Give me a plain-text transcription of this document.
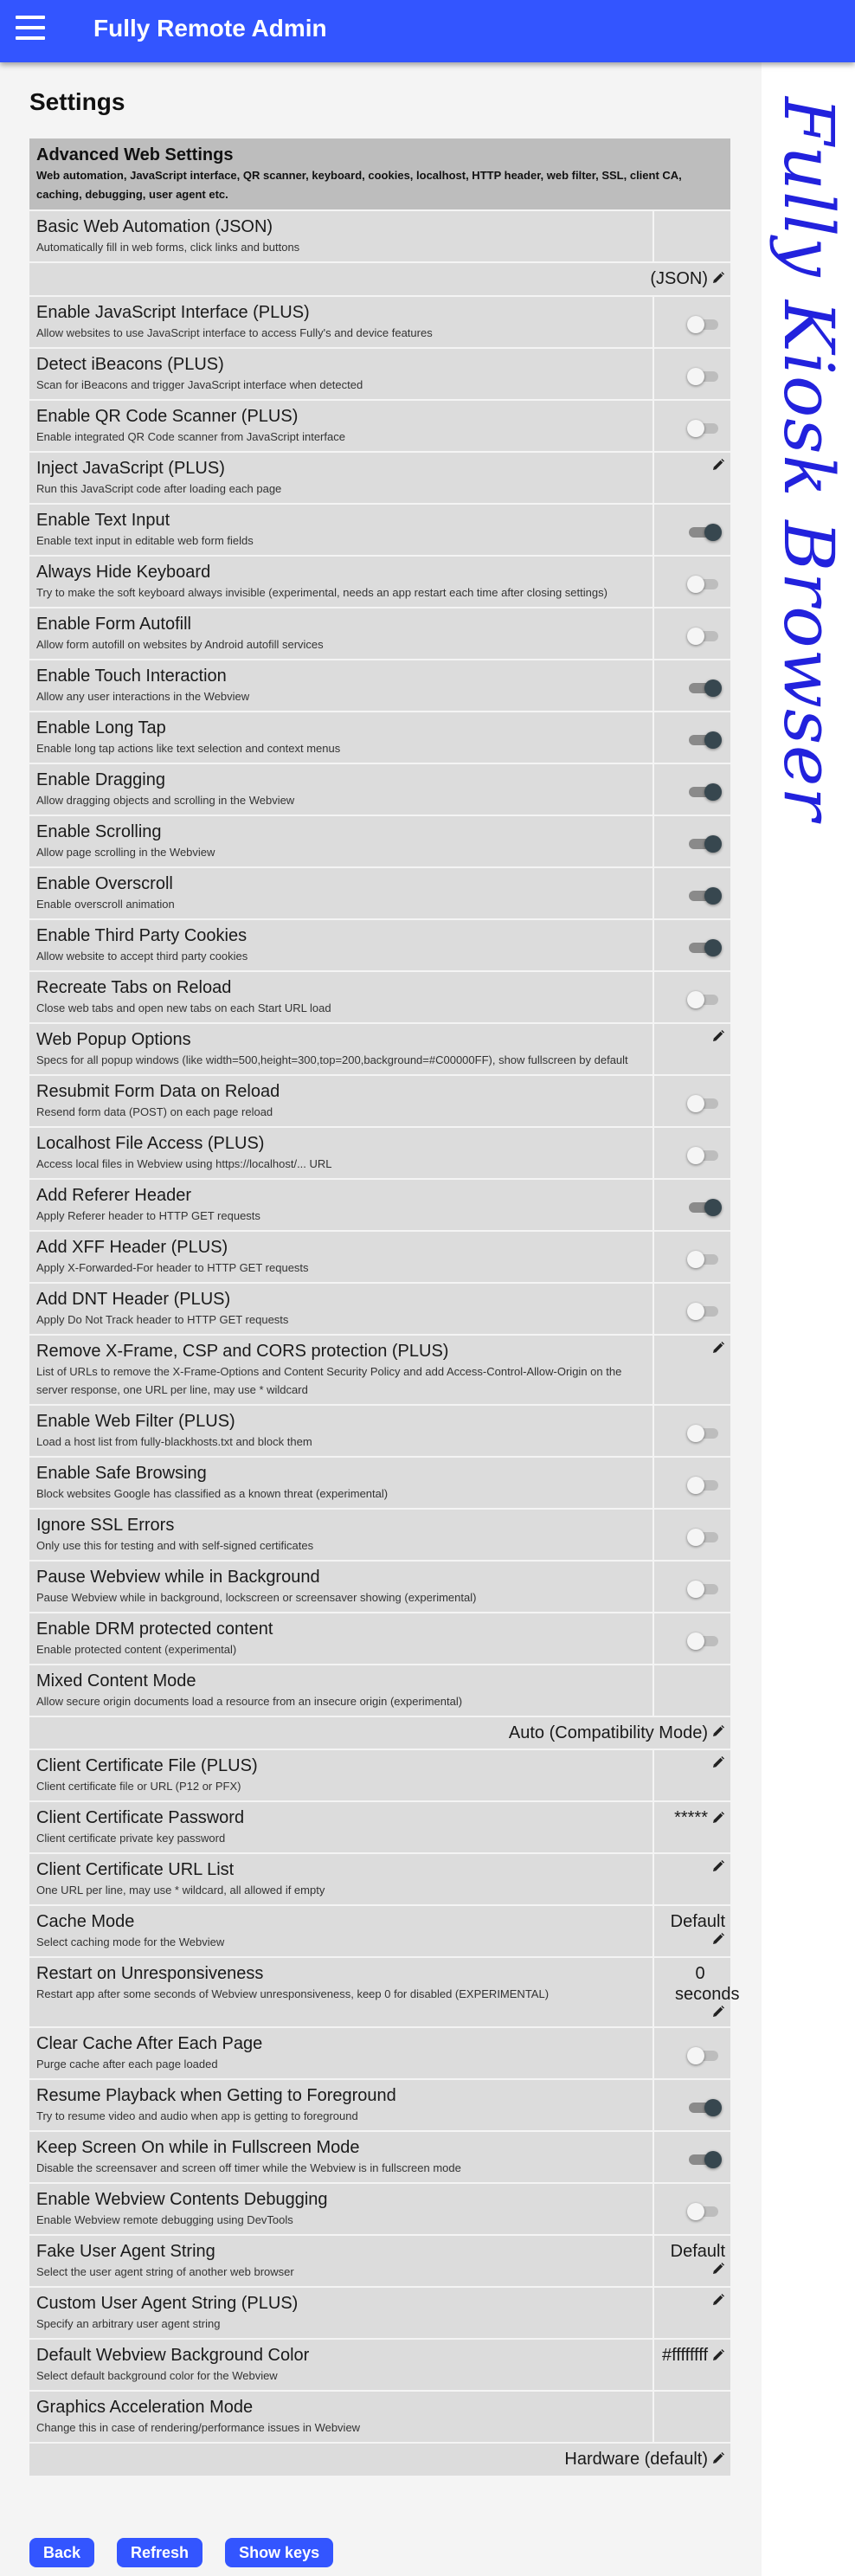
Fully Remote Admin
Settings
Advanced Web Settings
Web automation, JavaScript interface, QR scanner, keyboard, cookies, localhost, HTTP header, web filter, SSL, client CA, caching, debugging, user agent etc.
Basic Web Automation (JSON)
Automatically fill in web forms, click links and buttons
(JSON)
Enable JavaScript Interface (PLUS)
Allow websites to use JavaScript interface to access Fully's and device features
Detect iBeacons (PLUS)
Scan for iBeacons and trigger JavaScript interface when detected
Enable QR Code Scanner (PLUS)
Enable integrated QR Code scanner from JavaScript interface
Inject JavaScript (PLUS)
Run this JavaScript code after loading each page
Enable Text Input
Enable text input in editable web form fields
Always Hide Keyboard
Try to make the soft keyboard always invisible (experimental, needs an app restart each time after closing settings)
Enable Form Autofill
Allow form autofill on websites by Android autofill services
Enable Touch Interaction
Allow any user interactions in the Webview
Enable Long Tap
Enable long tap actions like text selection and context menus
Enable Dragging
Allow dragging objects and scrolling in the Webview
Enable Scrolling
Allow page scrolling in the Webview
Enable Overscroll
Enable overscroll animation
Enable Third Party Cookies
Allow website to accept third party cookies
Recreate Tabs on Reload
Close web tabs and open new tabs on each Start URL load
Web Popup Options
Specs for all popup windows (like width=500,height=300,top=200,background=#C00000FF), show fullscreen by default
Resubmit Form Data on Reload
Resend form data (POST) on each page reload
Localhost File Access (PLUS)
Access local files in Webview using https://localhost/... URL
Add Referer Header
Apply Referer header to HTTP GET requests
Add XFF Header (PLUS)
Apply X-Forwarded-For header to HTTP GET requests
Add DNT Header (PLUS)
Apply Do Not Track header to HTTP GET requests
Remove X-Frame, CSP and CORS protection (PLUS)
List of URLs to remove the X-Frame-Options and Content Security Policy and add Access-Control-Allow-Origin on the server response, one URL per line, may use * wildcard
Enable Web Filter (PLUS)
Load a host list from fully-blackhosts.txt and block them
Enable Safe Browsing
Block websites Google has classified as a known threat (experimental)
Ignore SSL Errors
Only use this for testing and with self-signed certificates
Pause Webview while in Background
Pause Webview while in background, lockscreen or screensaver showing (experimental)
Enable DRM protected content
Enable protected content (experimental)
Mixed Content Mode
Allow secure origin documents load a resource from an insecure origin (experimental)
Auto (Compatibility Mode)
Client Certificate File (PLUS)
Client certificate file or URL (P12 or PFX)
Client Certificate Password
Client certificate private key password
*****
Client Certificate URL List
One URL per line, may use * wildcard, all allowed if empty
Cache Mode
Select caching mode for the Webview
Default
Restart on Unresponsiveness
Restart app after some seconds of Webview unresponsiveness, keep 0 for disabled (EXPERIMENTAL)
0 seconds
Clear Cache After Each Page
Purge cache after each page loaded
Resume Playback when Getting to Foreground
Try to resume video and audio when app is getting to foreground
Keep Screen On while in Fullscreen Mode
Disable the screensaver and screen off timer while the Webview is in fullscreen mode
Enable Webview Contents Debugging
Enable Webview remote debugging using DevTools
Fake User Agent String
Select the user agent string of another web browser
Default
Custom User Agent String (PLUS)
Specify an arbitrary user agent string
Default Webview Background Color
Select default background color for the Webview
#ffffffff
Graphics Acceleration Mode
Change this in case of rendering/performance issues in Webview
Hardware (default)
Back	Refresh	Show keys
Fully Kiosk Browser
